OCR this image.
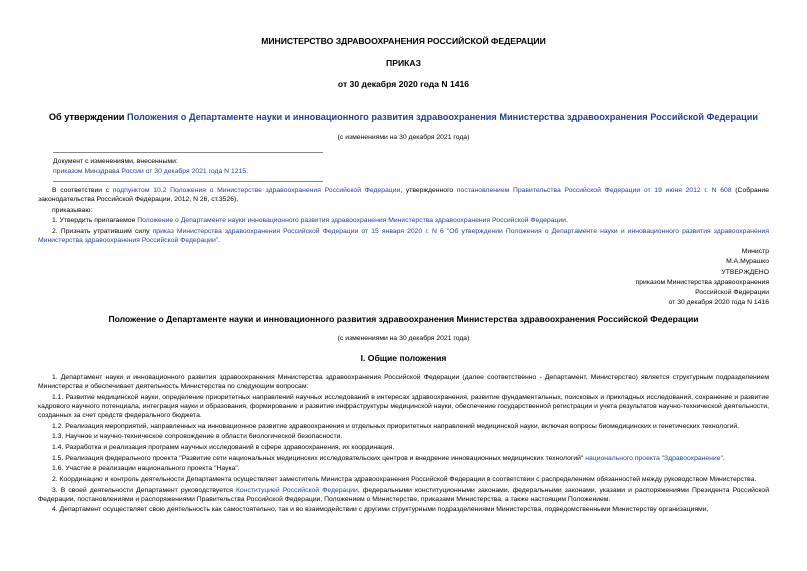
МИНИСТЕРСТВО ЗДРАВООХРАНЕНИЯ РОССИЙСКОЙ ФЕДЕРАЦИИ
ПРИКАЗ
от 30 декабря 2020 года N 1416
Об утверждении Положения о Департаменте науки и инновационного развития здравоохранения Министерства здравоохранения Российской Федерации
(с изменениями на 30 декабря 2021 года)
Документ с изменениями, внесенными:
приказом Минздрава России от 30 декабря 2021 года N 1215.

В соответствии с подпунктом 10.2 Положения о Министерстве здравоохранения Российской Федерации, утвержденного постановлением Правительства Российской Федерации от 19 июня 2012 г. N 608 (Собрание законодательства Российской Федерации, 2012, N 26, ст.3526),

приказываю:

1. Утвердить прилагаемое Положение о Департаменте науки инновационного развития здравоохранения Министерства здравоохранения Российской Федерации.

2. Признать утратившим силу приказ Министерства здравоохранения Российской Федерации от 15 января 2020 г. N 6 "Об утверждении Положения о Департаменте науки и инновационного развития здравоохранения Министерства здравоохранения Российской Федерации".

Министр
М.А.Мурашко
УТВЕРЖДЕНО
приказом Министерства здравоохранения
Российской Федерации
от 30 декабря 2020 года N 1416
Положение о Департаменте науки и инновационного развития здравоохранения Министерства здравоохранения Российской Федерации
(с изменениями на 30 декабря 2021 года)
I. Общие положения

1. Департамент науки и инновационного развития здравоохранения Министерства здравоохранения Российской Федерации (далее соответственно - Департамент, Министерство) является структурным подразделением Министерства и обеспечивает деятельность Министерства по следующим вопросам:

1.1. Развитие медицинской науки, определение приоритетных направлений научных исследований в интересах здравоохранения, развитие фундаментальных, поисковых и прикладных исследований, сохранение и развитие кадрового научного потенциала, интеграция науки и образования, формирование и развитие инфраструктуры медицинской науки, обеспечение государственной регистрации и учета результатов научно-технической деятельности, созданных за счет средств федерального бюджета.

1.2. Реализация мероприятий, направленных на инновационное развитие здравоохранения и отдельных приоритетных направлений медицинской науки, включая вопросы биомедицинских и генетических технологий.

1.3. Научное и научно-техническое сопровождение в области биологической безопасности.

1.4. Разработка и реализация программ научных исследований в сфере здравоохранения, их координация.

1.5. Реализация федерального проекта "Развитие сети национальных медицинских исследовательских центров и внедрение инновационных медицинских технологий" национального проекта "Здравоохранение".

1.6. Участие в реализации национального проекта "Наука".

2. Координацию и контроль деятельности Департамента осуществляет заместитель Министра здравоохранения Российской Федерации в соответствии с распределением обязанностей между руководством Министерства.

3. В своей деятельности Департамент руководствуется Конституцией Российской Федерации, федеральными конституционными законами, федеральными законами, указами и распоряжениями Президента Российской Федерации, постановлениями и распоряжениями Правительства Российской Федерации, Положением о Министерстве, приказами Министерства, а также настоящим Положением.

4. Департамент осуществляет свою деятельность как самостоятельно, так и во взаимодействии с другими структурными подразделениями Министерства, подведомственными Министерству организациями,
